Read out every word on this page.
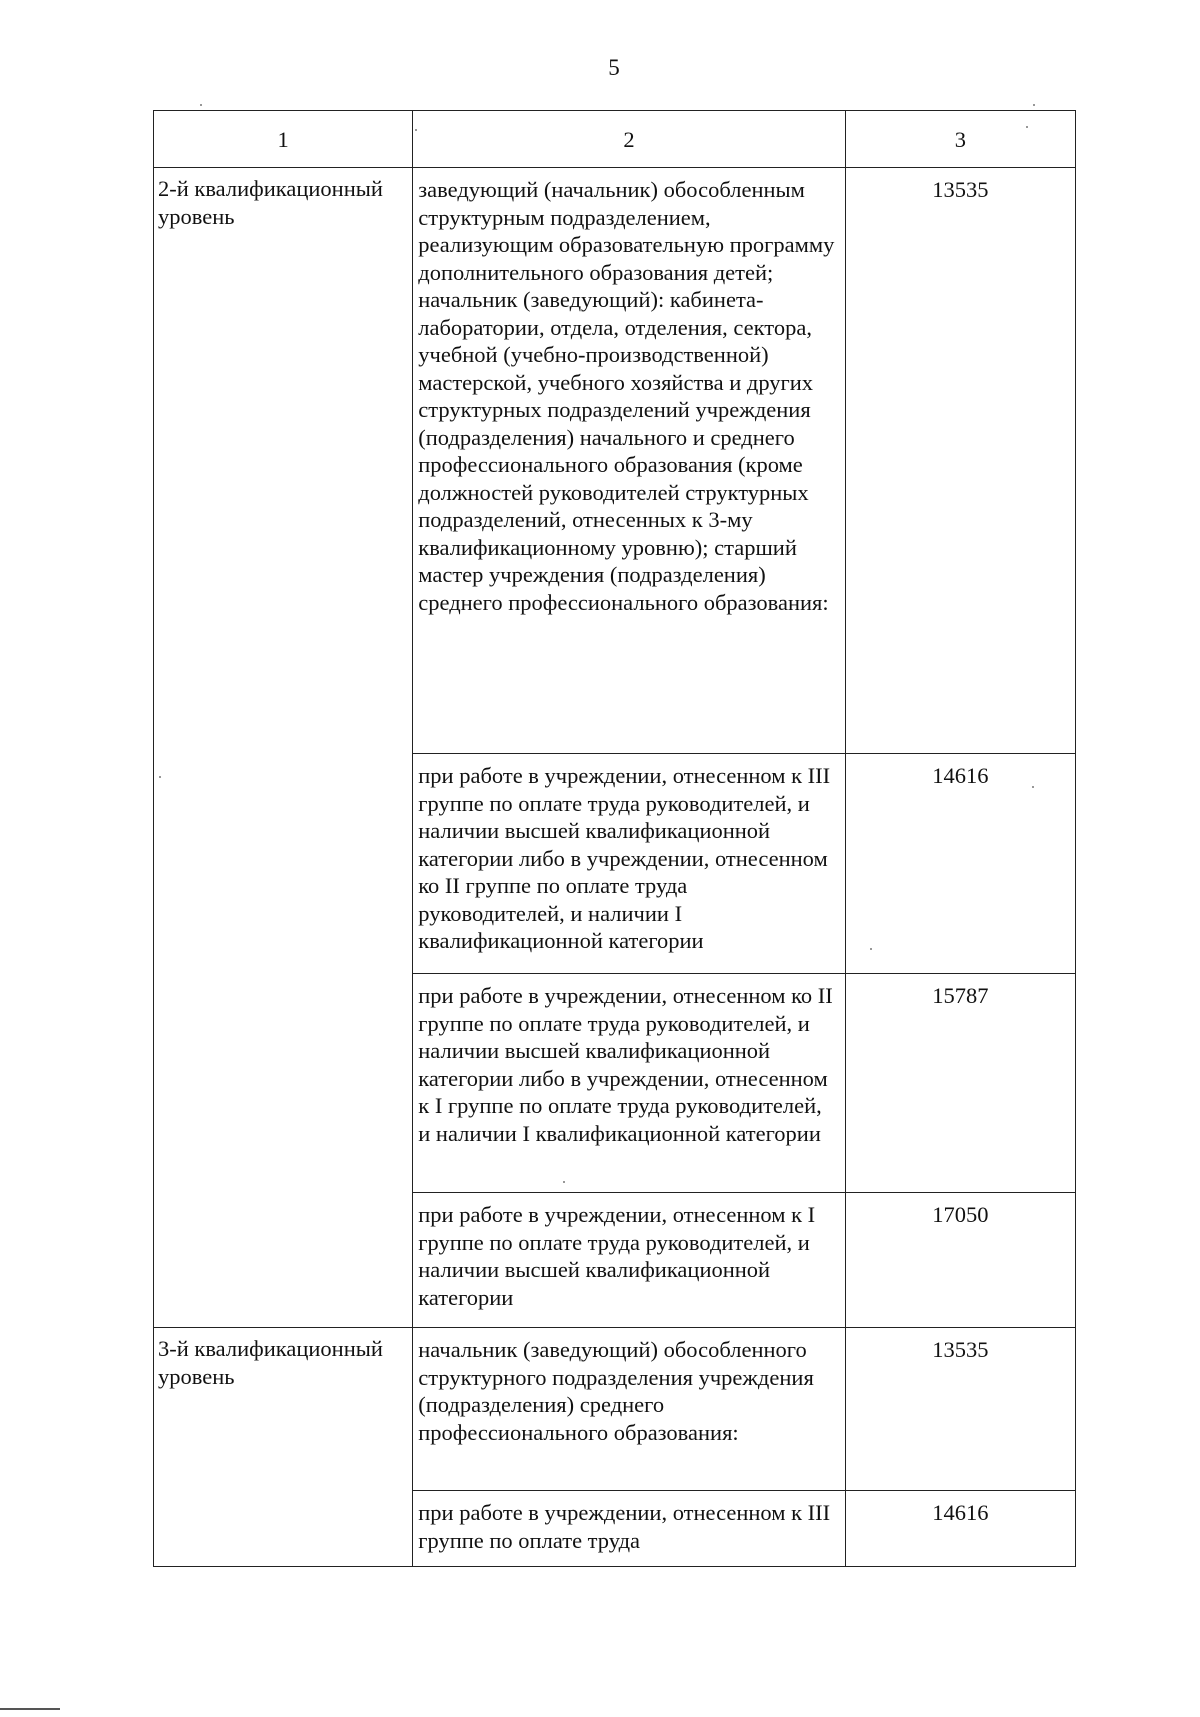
5
1	2	3

2-й квалификационный уровень	заведующий (начальник) обособленным структурным подразделением, реализующим образовательную программу дополнительного образования детей; начальник (заведующий): кабинета-лаборатории, отдела, отделения, сектора, учебной (учебно-производственной) мастерской, учебного хозяйства и других структурных подразделений учреждения (подразделения) начального и среднего профессионального образования (кроме должностей руководителей структурных подразделений, отнесенных к 3-му квалификационному уровню); старший мастер учреждения (подразделения) среднего профессионального образования:	13535

	при работе в учреждении, отнесенном к III группе по оплате труда руководителей, и наличии высшей квалификационной категории либо в учреждении, отнесенном ко II группе по оплате труда руководителей, и наличии I квалификационной категории	14616

	при работе в учреждении, отнесенном ко II группе по оплате труда руководителей, и наличии высшей квалификационной категории либо в учреждении, отнесенном к I группе по оплате труда руководителей, и наличии I квалификационной категории	15787

	при работе в учреждении, отнесенном к I группе по оплате труда руководителей, и наличии высшей квалификационной категории	17050

3-й квалификационный уровень	начальник (заведующий) обособленного структурного подразделения учреждения (подразделения) среднего профессионального образования:	13535

	при работе в учреждении, отнесенном к III группе по оплате труда	14616
